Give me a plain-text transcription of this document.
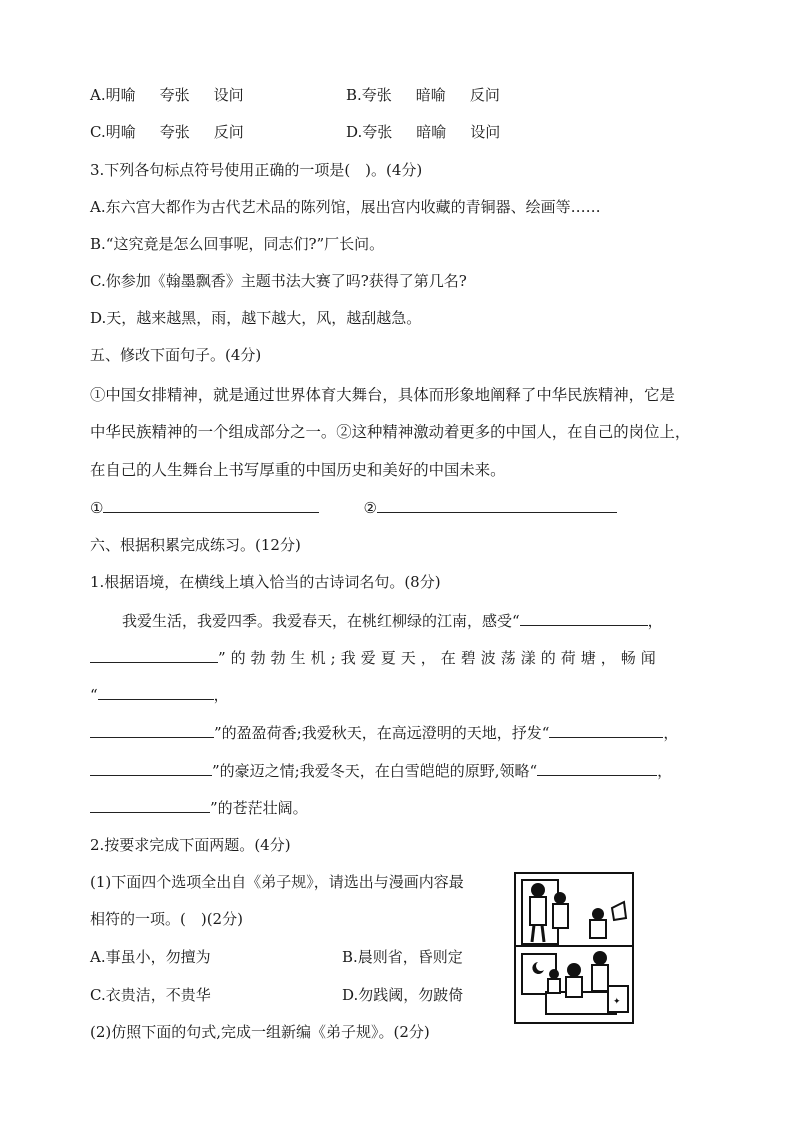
A.明喻 夸张 设问	B.夸张 暗喻 反问
C.明喻 夸张 反问	D.夸张 暗喻 设问
3.下列各句标点符号使用正确的一项是(　)。(4分)
A.东六宫大都作为古代艺术品的陈列馆，展出宫内收藏的青铜器、绘画等……
B.“这究竟是怎么回事呢，同志们?”厂长问。
C.你参加《翰墨飘香》主题书法大赛了吗?获得了第几名?
D.天，越来越黑，雨，越下越大，风，越刮越急。
五、修改下面句子。(4分)
①中国女排精神，就是通过世界体育大舞台，具体而形象地阐释了中华民族精神，它是
中华民族精神的一个组成部分之一。②这种精神激动着更多的中国人，在自己的岗位上，
在自己的人生舞台上书写厚重的中国历史和美好的中国未来。
①	②
六、根据积累完成练习。(12分)
1.根据语境，在横线上填入恰当的古诗词名句。(8分)
我爱生活，我爱四季。我爱春天，在桃红柳绿的江南，感受“	，
”的勃勃生机;我爱夏天，在碧波荡漾的荷塘，畅闻
“	，
”的盈盈荷香;我爱秋天，在高远澄明的天地，抒发“	，
”的豪迈之情;我爱冬天，在白雪皑皑的原野,领略“	，
”的苍茫壮阔。
2.按要求完成下面两题。(4分)
(1)下面四个选项全出自《弟子规》，请选出与漫画内容最
相符的一项。(　)(2分)
A.事虽小，勿擅为	B.晨则省，昏则定
C.衣贵洁，不贵华	D.勿践阈，勿跛倚
(2)仿照下面的句式,完成一组新编《弟子规》。(2分)
✦
